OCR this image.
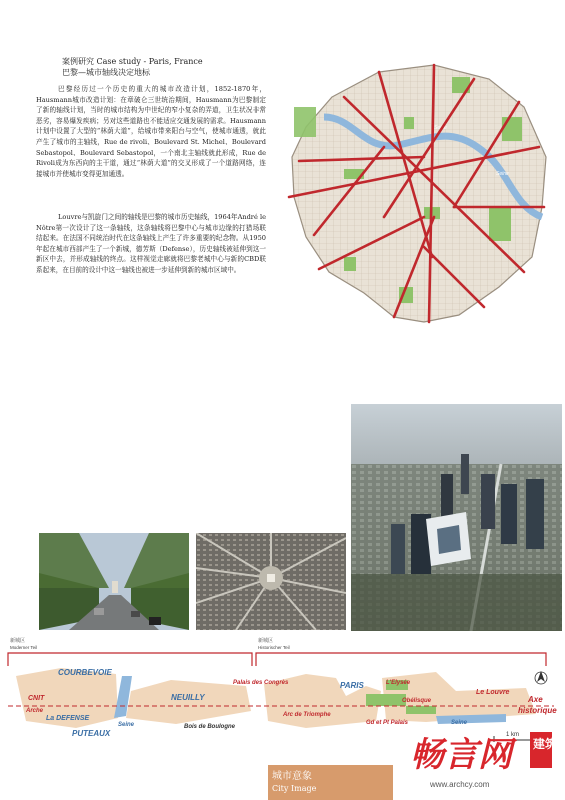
案例研究 Case study - Paris, France
巴黎—城市轴线决定地标
巴黎经历过一个历史的重大的城市改造计划，1852-1870年，Hausmann城市改造计划：在章破仑三世统治期间，Hausmann为巴黎制定了新的轴线计划，当时的城市结构为中世纪的窄小复杂的弄道，卫生状况非常恶劣，容易爆发疾病；另对这些道路也不能适应交通发展的需求。Hausmann计划中设置了大型的“林荫大道”，给城市带来阳台与空气，使城市通透，就此产生了城市的主轴线，Rue de rivoli、Boulevard St. Michel、Boulevard Sebastopol、Boulevard Sebastopol，一个南北主轴线就此形成，Rue de Rivoli成为东西向的主干道，通过“林荫大道”的交叉形成了一个道路网络，连接城市并使城市变得更加通透。
Louvre与凯旋门之间的轴线是巴黎的城市历史轴线，1964年André le Nôtre第一次设计了这一条轴线，这条轴线将巴黎中心与城市边缘的打猎场联结起来。在法国不同统治时代在这条轴线上产生了许多重要的纪念物。从1950年起在城市西部产生了一个新城，德芳斯（Defense），历史轴线被延伸到这一新区中去，并形成轴线的终点。这样视觉走廊就将巴黎老城中心与新的CBD联系起来，在目前的设计中这一轴线也被进一步延伸到新的城市区域中。
Seine
Seine
新城区
Moderner Teil
新城区
Historischer Teil
COURBEVOIE
CNIT
Arche
La DEFENSE
PUTEAUX
Seine
NEUILLY
Bois de Boulogne
Palais des Congrès
Arc de Triomphe
PARIS	L'Elysée
Obélisque
Gd et Pt Palais	Seine
Le Louvre
Axe
historique
1 km
城市意象
City Image
畅言网	建筑
www.archcy.com
